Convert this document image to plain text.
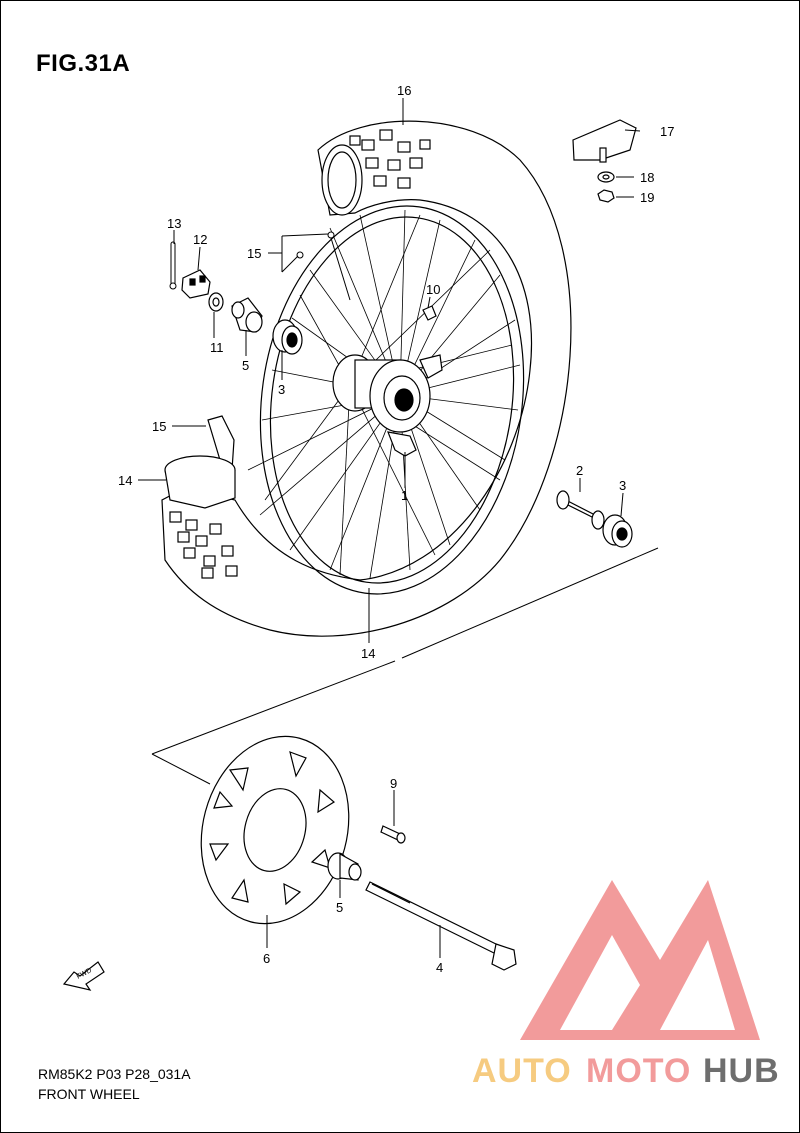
FIG.31A
FWD
16
17
18
19
13
12
15
10
11
5
3
15
14
1
2
3
14
9
5
6
4
AUTO MOTO HUB
RM85K2 P03 P28_031A
FRONT WHEEL
